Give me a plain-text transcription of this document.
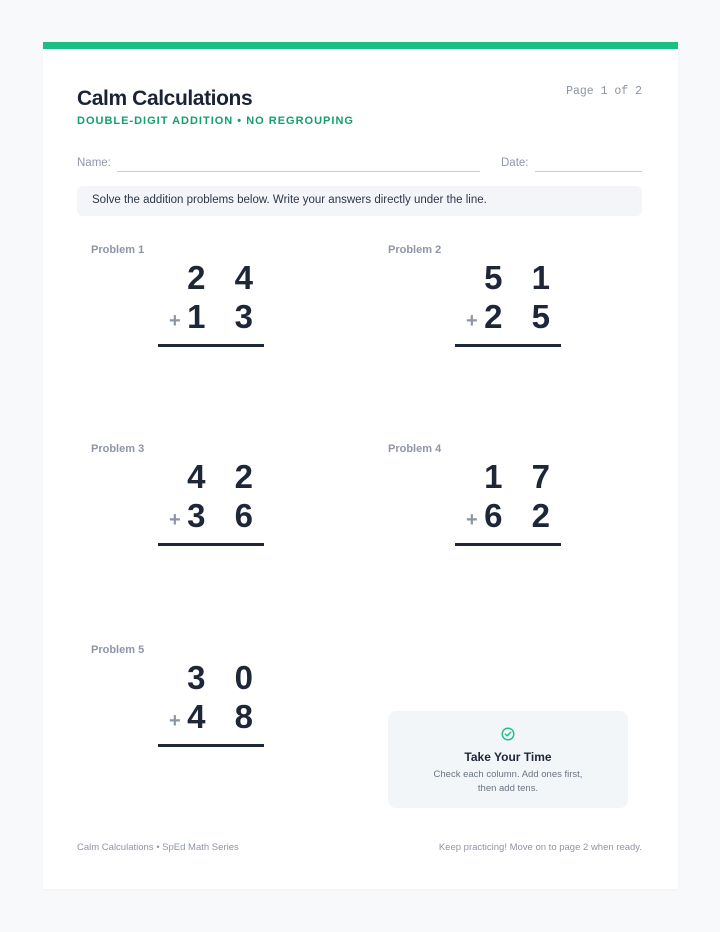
Calm Calculations
DOUBLE-DIGIT ADDITION • NO REGROUPING
Page 1 of 2
Name:	Date:
Solve the addition problems below. Write your answers directly under the line.
Problem 1
2 4
+ 1 3
Problem 2
5 1
+ 2 5
Problem 3
4 2
+ 3 6
Problem 4
1 7
+ 6 2
Problem 5
3 0
+ 4 8
Take Your Time
Check each column. Add ones first,
then add tens.
Calm Calculations • SpEd Math Series	Keep practicing! Move on to page 2 when ready.
